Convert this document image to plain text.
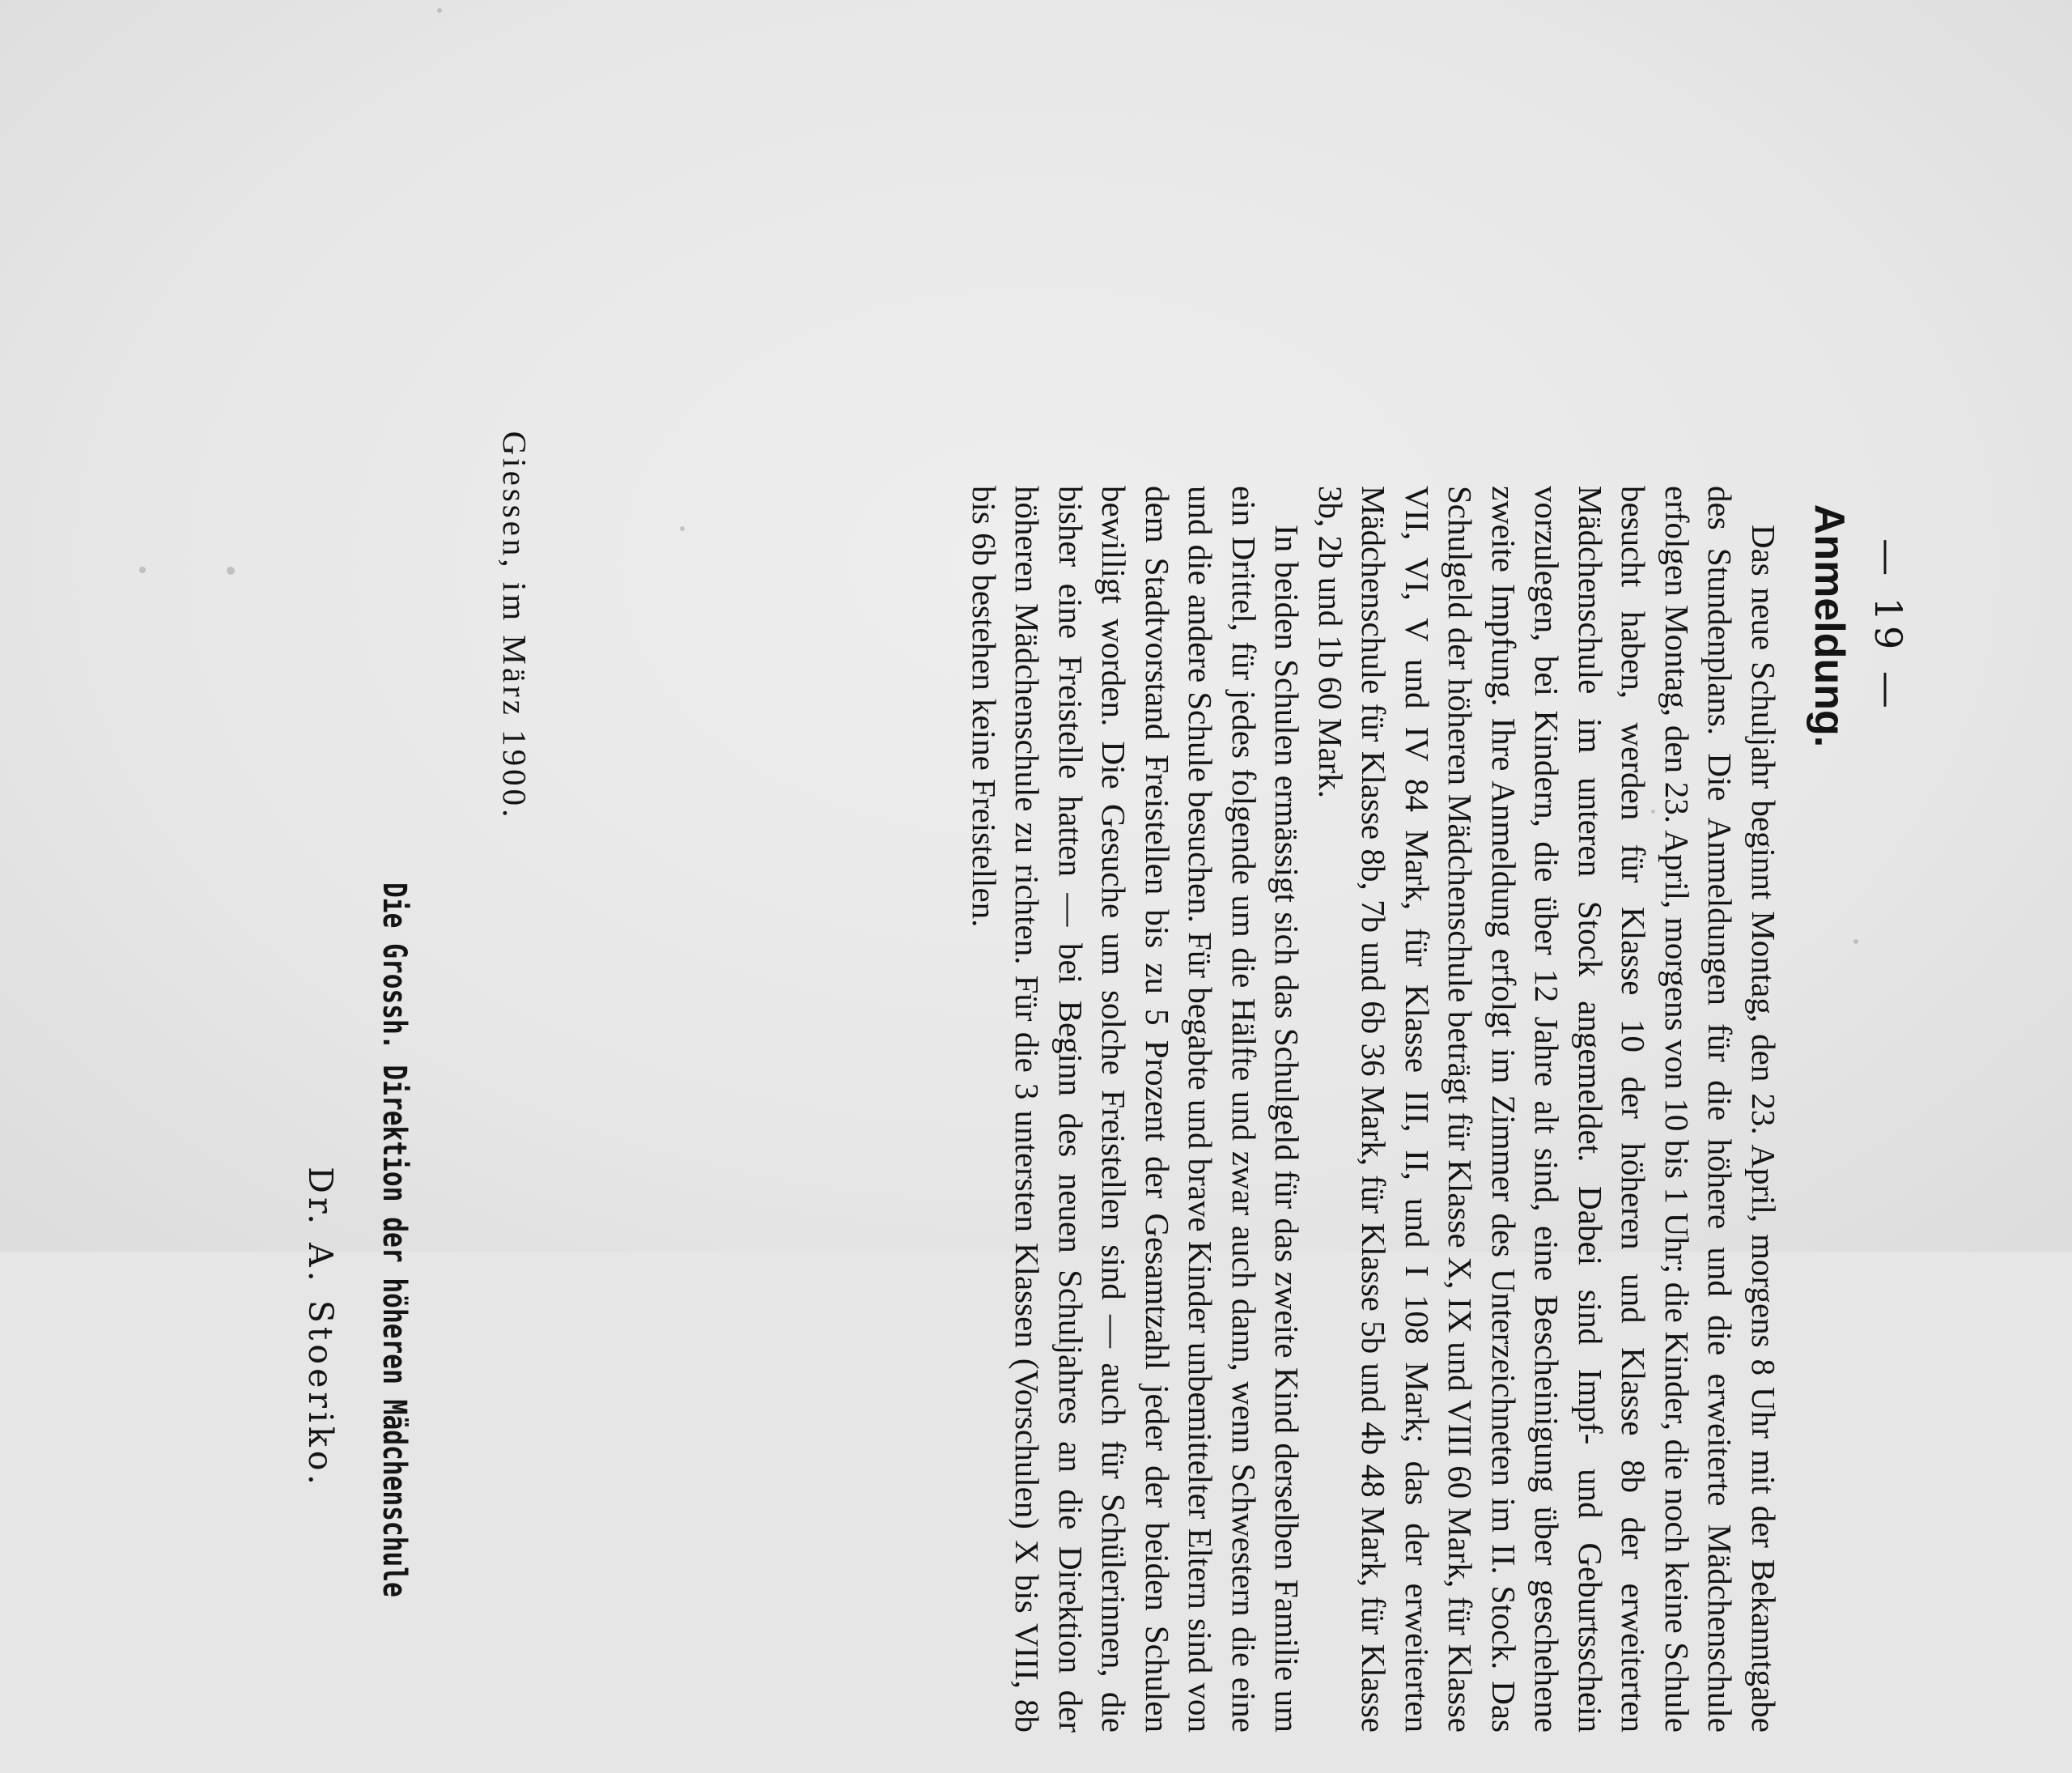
— 19 —
Anmeldung.

Das neue Schuljahr beginnt Montag, den 23. April, morgens 8 Uhr mit der Bekanntgabe des Stundenplans. Die Anmeldungen für die höhere und die erweiterte Mädchenschule erfolgen Montag, den 23. April, morgens von 10 bis 1 Uhr; die Kinder, die noch keine Schule besucht haben, werden für Klasse 10 der höheren und Klasse 8b der erweiterten Mädchenschule im unteren Stock angemeldet. Dabei sind Impf- und Geburtsschein vorzulegen, bei Kindern, die über 12 Jahre alt sind, eine Bescheinigung über geschehene zweite Impfung. Ihre Anmeldung erfolgt im Zimmer des Unterzeichneten im II. Stock. Das Schulgeld der höheren Mädchenschule beträgt für Klasse X, IX und VIII 60 Mark, für Klasse VII, VI, V und IV 84 Mark, für Klasse III, II, und I 108 Mark; das der erweiterten Mädchenschule für Klasse 8b, 7b und 6b 36 Mark, für Klasse 5b und 4b 48 Mark, für Klasse 3b, 2b und 1b 60 Mark.

In beiden Schulen ermässigt sich das Schulgeld für das zweite Kind derselben Familie um ein Drittel, für jedes folgende um die Hälfte und zwar auch dann, wenn Schwestern die eine und die andere Schule besuchen. Für begabte und brave Kinder unbemittelter Eltern sind von dem Stadtvorstand Freistellen bis zu 5 Prozent der Gesamtzahl jeder der beiden Schulen bewilligt worden. Die Gesuche um solche Freistellen sind — auch für Schülerinnen, die bisher eine Freistelle hatten — bei Beginn des neuen Schuljahres an die Direktion der höheren Mädchenschule zu richten. Für die 3 untersten Klassen (Vorschulen) X bis VIII, 8b bis 6b bestehen keine Freistellen.

Giessen, im März 1900.
Die Grossh. Direktion der höheren Mädchenschule
Dr. A. Stoeriko.
